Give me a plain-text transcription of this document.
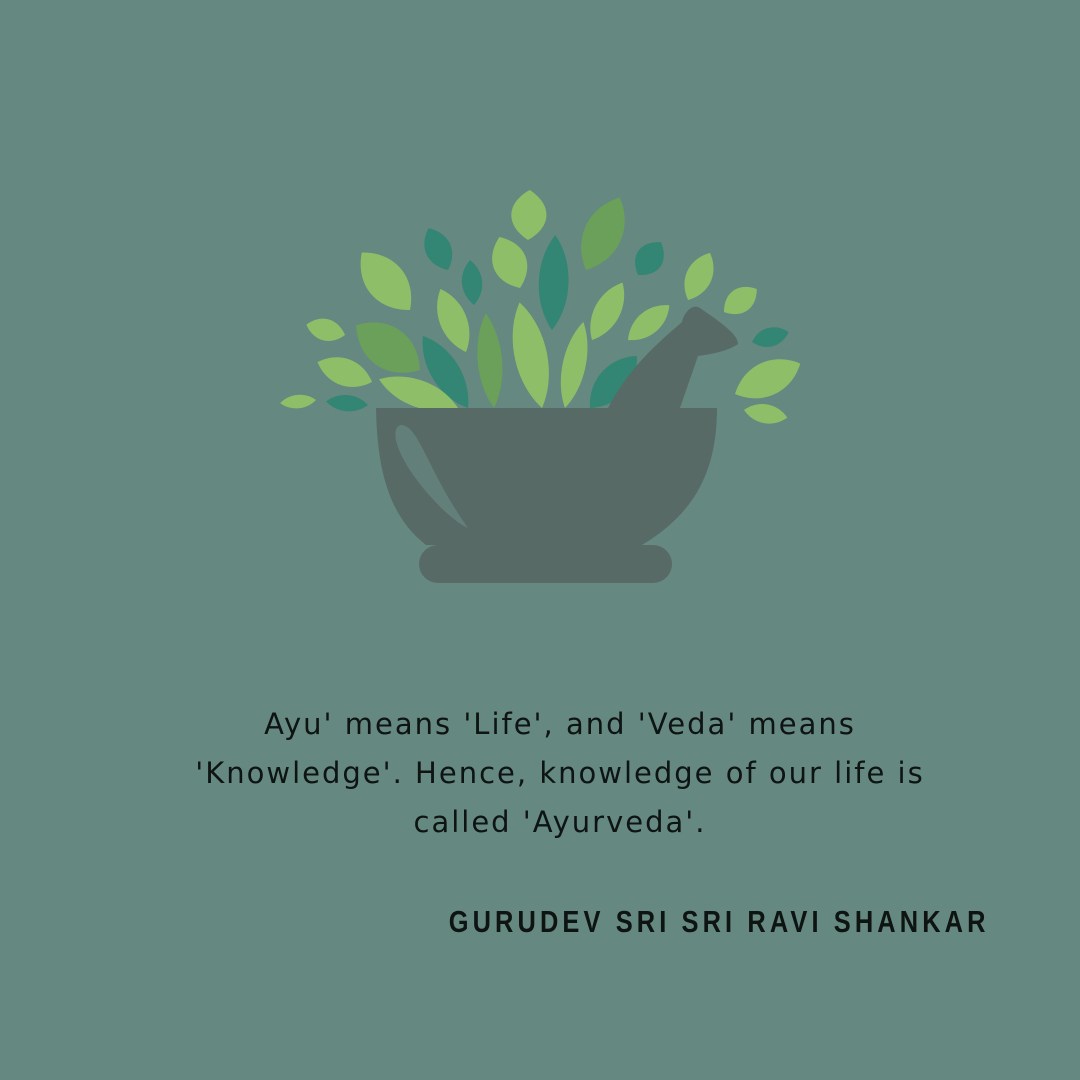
Ayu' means 'Life', and 'Veda' means
'Knowledge'. Hence, knowledge of our life is
called 'Ayurveda'.

GURUDEV SRI SRI RAVI SHANKAR
